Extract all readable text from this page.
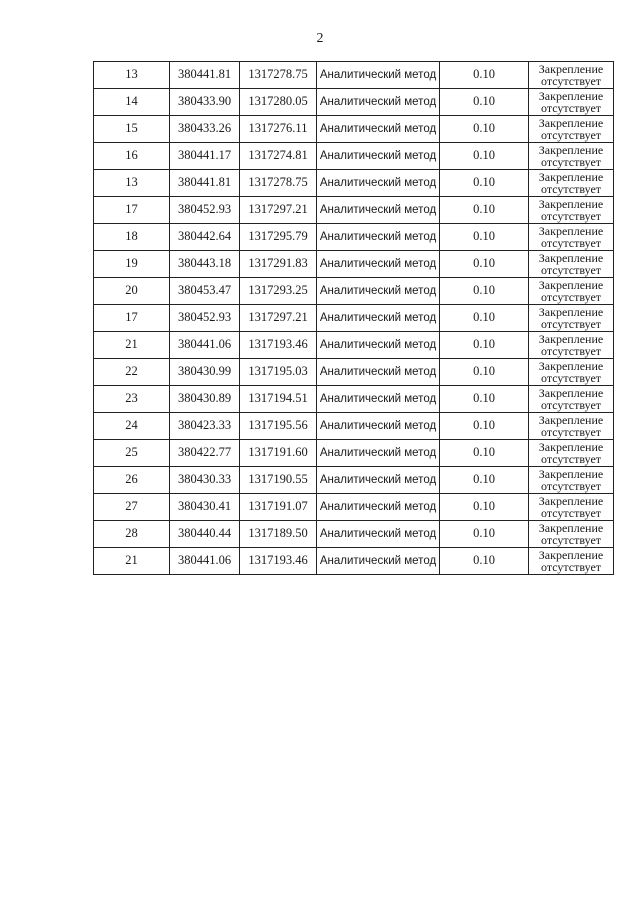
2
13	380441.81	1317278.75	Аналитический метод	0.10	Закрепление
отсутствует

14	380433.90	1317280.05	Аналитический метод	0.10	Закрепление
отсутствует

15	380433.26	1317276.11	Аналитический метод	0.10	Закрепление
отсутствует

16	380441.17	1317274.81	Аналитический метод	0.10	Закрепление
отсутствует

13	380441.81	1317278.75	Аналитический метод	0.10	Закрепление
отсутствует

17	380452.93	1317297.21	Аналитический метод	0.10	Закрепление
отсутствует

18	380442.64	1317295.79	Аналитический метод	0.10	Закрепление
отсутствует

19	380443.18	1317291.83	Аналитический метод	0.10	Закрепление
отсутствует

20	380453.47	1317293.25	Аналитический метод	0.10	Закрепление
отсутствует

17	380452.93	1317297.21	Аналитический метод	0.10	Закрепление
отсутствует

21	380441.06	1317193.46	Аналитический метод	0.10	Закрепление
отсутствует

22	380430.99	1317195.03	Аналитический метод	0.10	Закрепление
отсутствует

23	380430.89	1317194.51	Аналитический метод	0.10	Закрепление
отсутствует

24	380423.33	1317195.56	Аналитический метод	0.10	Закрепление
отсутствует

25	380422.77	1317191.60	Аналитический метод	0.10	Закрепление
отсутствует

26	380430.33	1317190.55	Аналитический метод	0.10	Закрепление
отсутствует

27	380430.41	1317191.07	Аналитический метод	0.10	Закрепление
отсутствует

28	380440.44	1317189.50	Аналитический метод	0.10	Закрепление
отсутствует

21	380441.06	1317193.46	Аналитический метод	0.10	Закрепление
отсутствует
